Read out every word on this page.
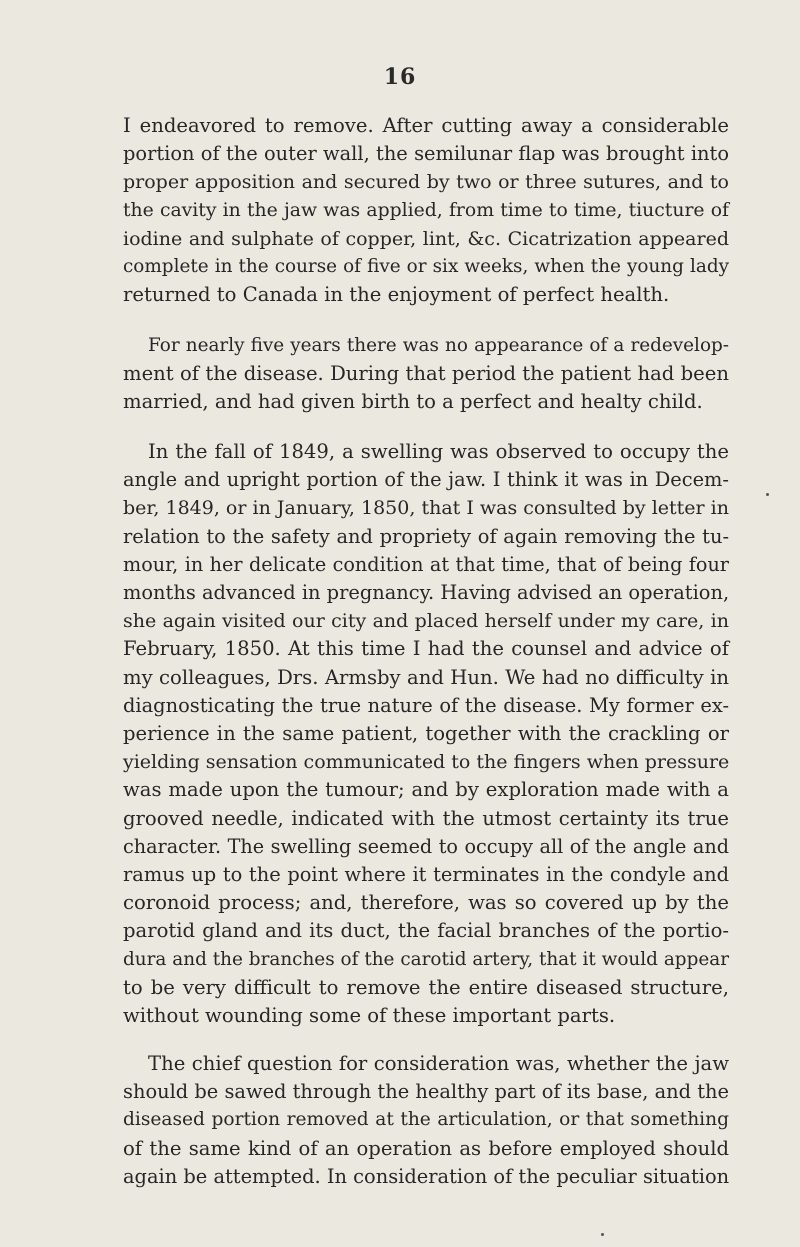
16

I endeavored to remove. After cutting away a considerable
portion of the outer wall, the semilunar flap was brought into
proper apposition and secured by two or three sutures, and to
the cavity in the jaw was applied, from time to time, tiucture of
iodine and sulphate of copper, lint, &c. Cicatrization appeared
complete in the course of five or six weeks, when the young lady
returned to Canada in the enjoyment of perfect health.

For nearly five years there was no appearance of a redevelop-
ment of the disease. During that period the patient had been
married, and had given birth to a perfect and healty child.

In the fall of 1849, a swelling was observed to occupy the
angle and upright portion of the jaw. I think it was in Decem-
ber, 1849, or in January, 1850, that I was consulted by letter in
relation to the safety and propriety of again removing the tu-
mour, in her delicate condition at that time, that of being four
months advanced in pregnancy. Having advised an operation,
she again visited our city and placed herself under my care, in
February, 1850. At this time I had the counsel and advice of
my colleagues, Drs. Armsby and Hun. We had no difficulty in
diagnosticating the true nature of the disease. My former ex-
perience in the same patient, together with the crackling or
yielding sensation communicated to the fingers when pressure
was made upon the tumour; and by exploration made with a
grooved needle, indicated with the utmost certainty its true
character. The swelling seemed to occupy all of the angle and
ramus up to the point where it terminates in the condyle and
coronoid process; and, therefore, was so covered up by the
parotid gland and its duct, the facial branches of the portio-
dura and the branches of the carotid artery, that it would appear
to be very difficult to remove the entire diseased structure,
without wounding some of these important parts.

The chief question for consideration was, whether the jaw
should be sawed through the healthy part of its base, and the
diseased portion removed at the articulation, or that something
of the same kind of an operation as before employed should
again be attempted. In consideration of the peculiar situation
